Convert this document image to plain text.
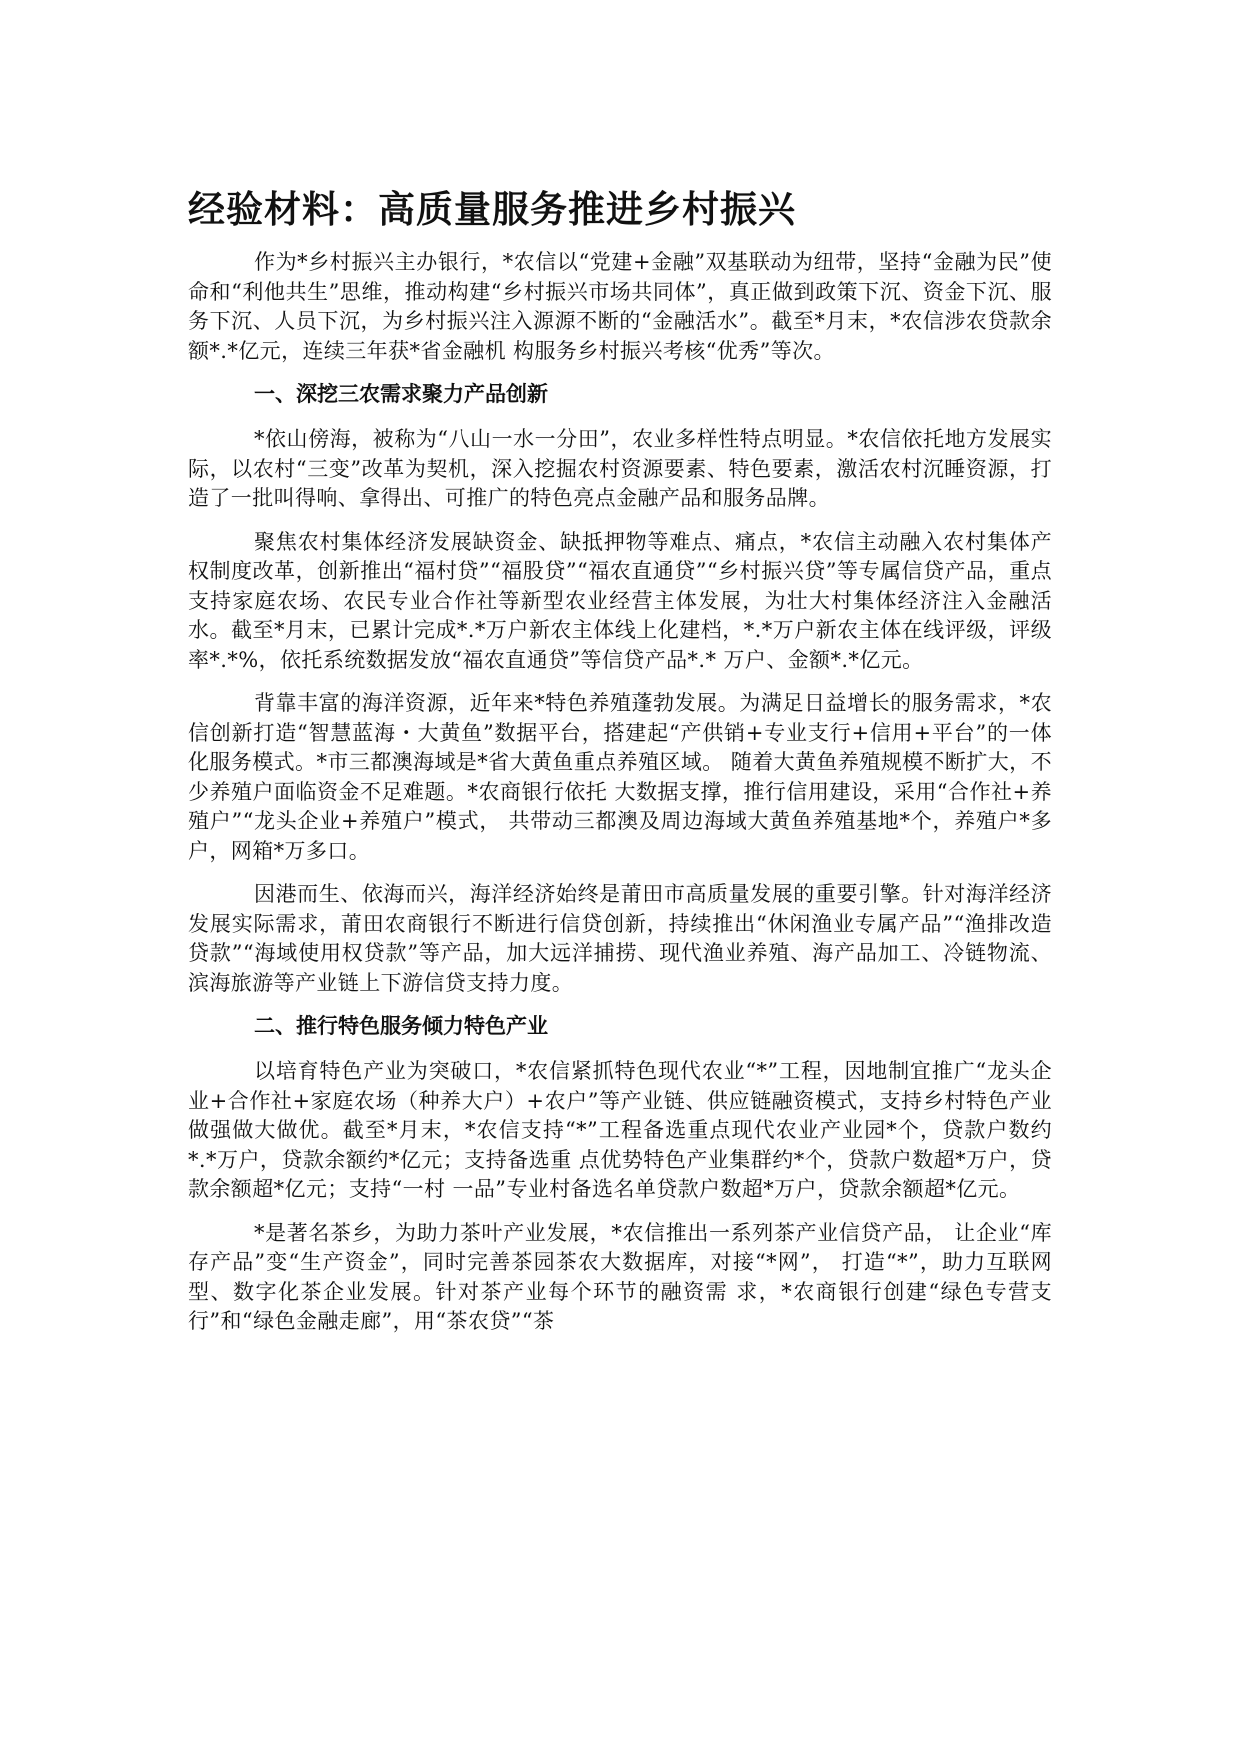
经验材料：高质量服务推进乡村振兴

作为*乡村振兴主办银行，*农信以“党建+金融”双基联动为纽带，坚持“金融为民”使命和“利他共生”思维，推动构建“乡村振兴市场共同体”，真正做到政策下沉、资金下沉、服务下沉、人员下沉，为乡村振兴注入源源不断的“金融活水”。截至*月末，*农信涉农贷款余额*.*亿元，连续三年获*省金融机 构服务乡村振兴考核“优秀”等次。

一、深挖三农需求聚力产品创新

*依山傍海，被称为“八山一水一分田”，农业多样性特点明显。*农信依托地方发展实际，以农村“三变”改革为契机，深入挖掘农村资源要素、特色要素，激活农村沉睡资源，打造了一批叫得响、拿得出、可推广的特色亮点金融产品和服务品牌。

聚焦农村集体经济发展缺资金、缺抵押物等难点、痛点，*农信主动融入农村集体产权制度改革，创新推出“福村贷”“福股贷”“福农直通贷”“乡村振兴贷”等专属信贷产品，重点支持家庭农场、农民专业合作社等新型农业经营主体发展，为壮大村集体经济注入金融活水。截至*月末，已累计完成*.*万户新农主体线上化建档，*.*万户新农主体在线评级，评级率*.*%，依托系统数据发放“福农直通贷”等信贷产品*.* 万户、金额*.*亿元。

背靠丰富的海洋资源，近年来*特色养殖蓬勃发展。为满足日益增长的服务需求，*农信创新打造“智慧蓝海・大黄鱼”数据平台，搭建起“产供销+专业支行+信用+平台”的一体化服务模式。*市三都澳海域是*省大黄鱼重点养殖区域。 随着大黄鱼养殖规模不断扩大，不少养殖户面临资金不足难题。*农商银行依托 大数据支撑，推行信用建设，采用“合作社+养殖户”“龙头企业+养殖户”模式， 共带动三都澳及周边海域大黄鱼养殖基地*个，养殖户*多户，网箱*万多口。

因港而生、依海而兴，海洋经济始终是莆田市高质量发展的重要引擎。针对海洋经济发展实际需求，莆田农商银行不断进行信贷创新，持续推出“休闲渔业专属产品”“渔排改造贷款”“海域使用权贷款”等产品，加大远洋捕捞、现代渔业养殖、海产品加工、冷链物流、滨海旅游等产业链上下游信贷支持力度。

二、推行特色服务倾力特色产业

以培育特色产业为突破口，*农信紧抓特色现代农业“*”工程，因地制宜推广“龙头企业+合作社+家庭农场（种养大户）+农户”等产业链、供应链融资模式，支持乡村特色产业做强做大做优。截至*月末，*农信支持“*”工程备选重点现代农业产业园*个，贷款户数约*.*万户，贷款余额约*亿元；支持备选重 点优势特色产业集群约*个，贷款户数超*万户，贷款余额超*亿元；支持“一村 一品”专业村备选名单贷款户数超*万户，贷款余额超*亿元。

*是著名茶乡，为助力茶叶产业发展，*农信推出一系列茶产业信贷产品， 让企业“库存产品”变“生产资金”，同时完善茶园茶农大数据库，对接“*网”， 打造“*”，助力互联网型、数字化茶企业发展。针对茶产业每个环节的融资需 求，*农商银行创建“绿色专营支行”和“绿色金融走廊”，用“茶农贷”“茶
